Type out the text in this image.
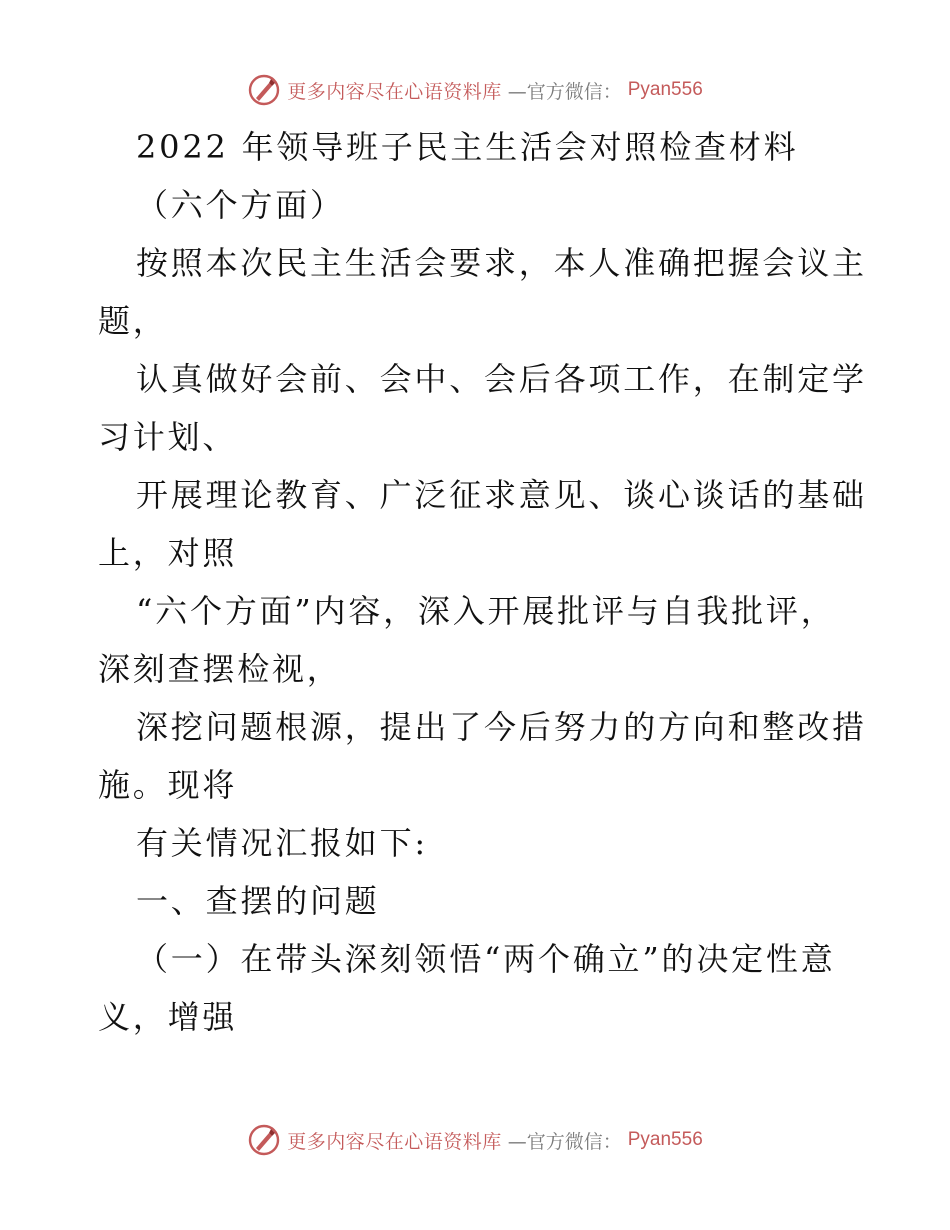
更多内容尽在心语资料库 —官方微信： Pyan556
2022 年领导班子民主生活会对照检查材料
（六个方面）
按照本次民主生活会要求，本人准确把握会议主
题，
认真做好会前、会中、会后各项工作，在制定学
习计划、
开展理论教育、广泛征求意见、谈心谈话的基础
上，对照
“六个方面”内容，深入开展批评与自我批评，
深刻查摆检视，
深挖问题根源，提出了今后努力的方向和整改措
施。现将
有关情况汇报如下:
一、查摆的问题
（一）在带头深刻领悟“两个确立”的决定性意
义，增强
更多内容尽在心语资料库 —官方微信： Pyan556
